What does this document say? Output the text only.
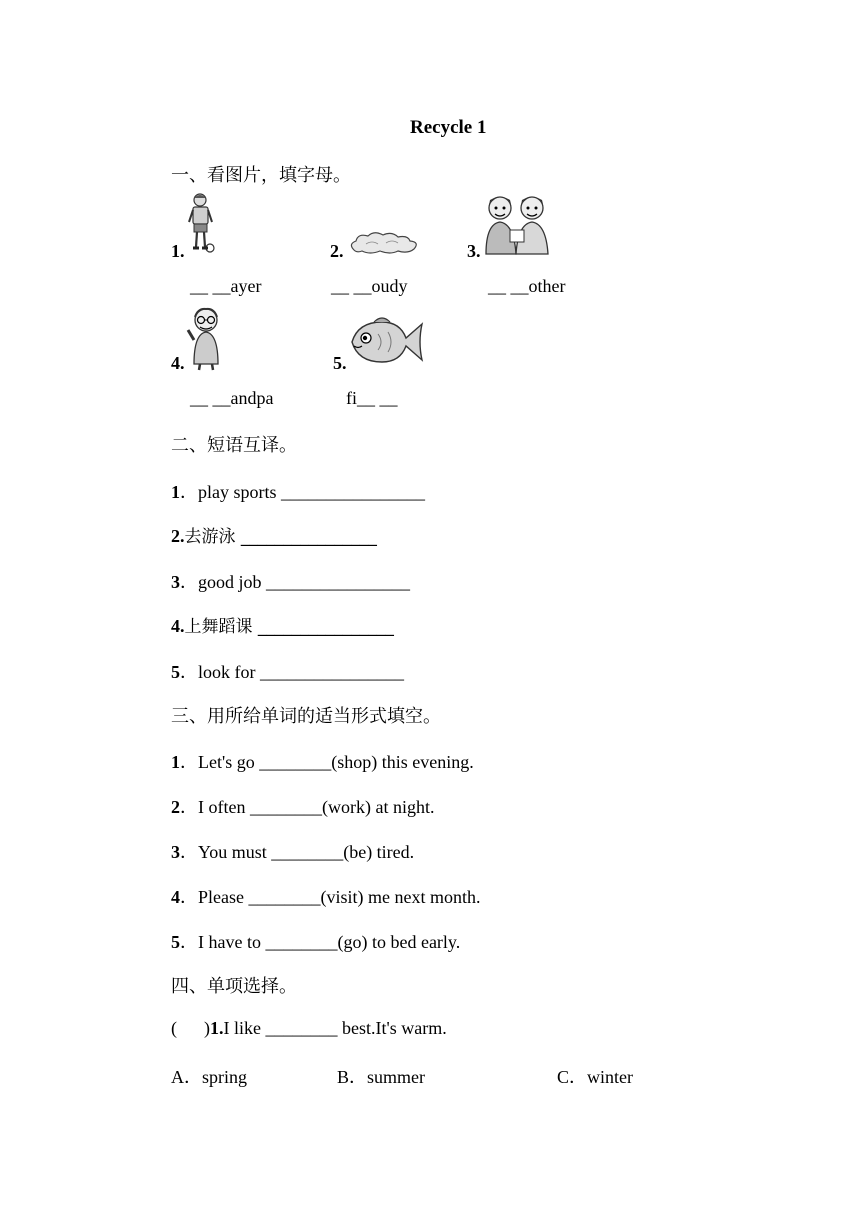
Recycle 1
一、看图片，填字母。
1.
__ __ayer
2.
__ __oudy
3.
__ __other
4.
__ __andpa
5.
fi__ __
二、短语互译。
1．play sports ________________
2.去游泳 ________________
3．good job ________________
4.上舞蹈课 ________________
5．look for ________________
三、用所给单词的适当形式填空。
1．Let's go ________(shop) this evening.
2．I often ________(work) at night.
3．You must ________(be) tired.
4．Please ________(visit) me next month.
5．I have to ________(go) to bed early.
四、单项选择。
(      )1.I like ________ best.It's warm.
A．spring	B．summer	C．winter
